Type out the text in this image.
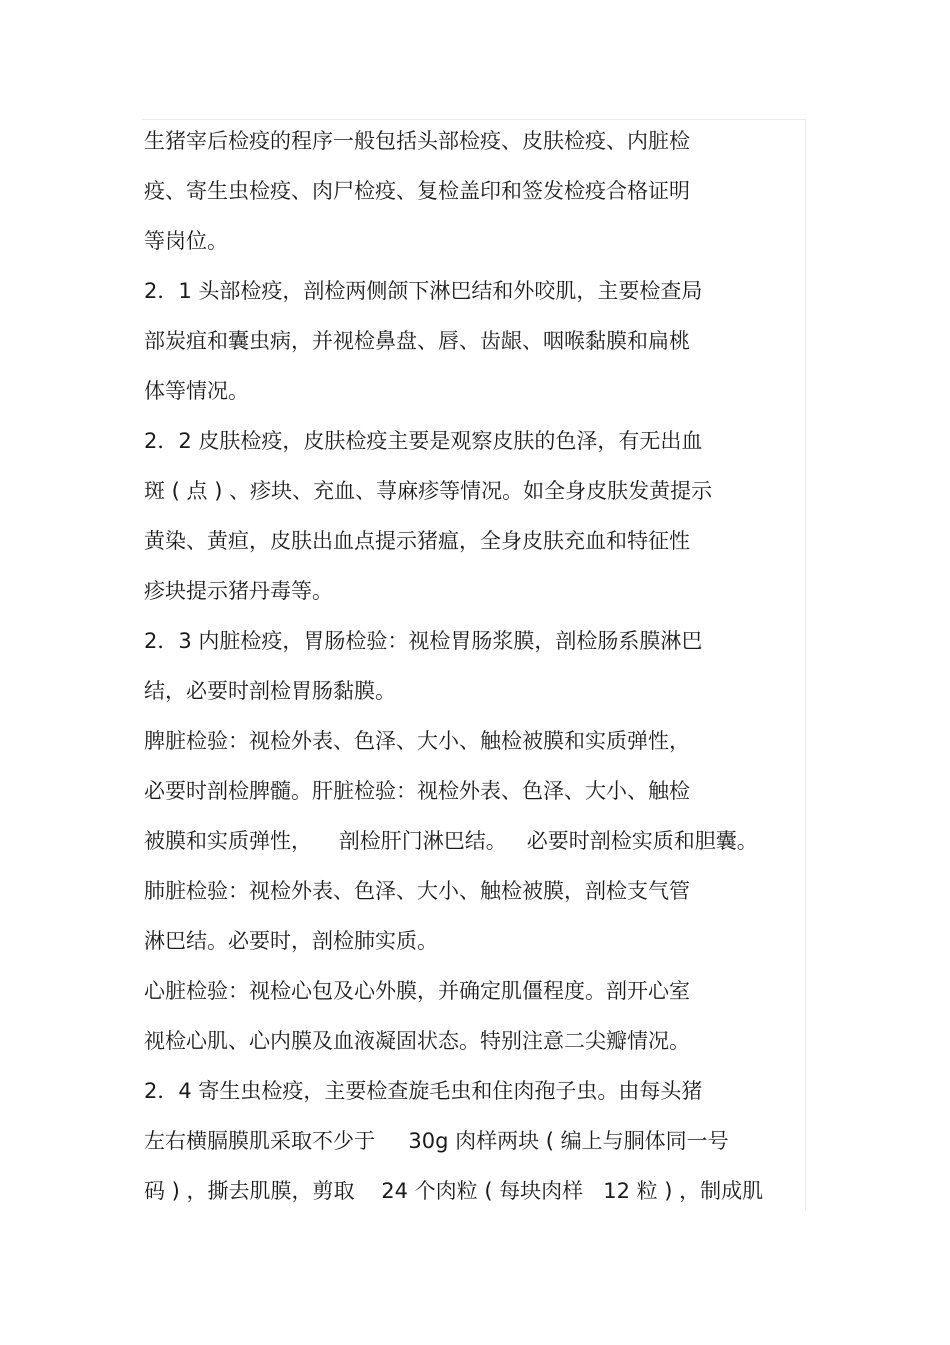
生猪宰后检疫的程序一般包括头部检疫、皮肤检疫、内脏检
疫、寄生虫检疫、肉尸检疫、复检盖印和签发检疫合格证明
等岗位。
2．1 头部检疫，剖检两侧颌下淋巴结和外咬肌，主要检查局
部炭疽和囊虫病，并视检鼻盘、唇、齿龈、咽喉黏膜和扁桃
体等情况。
2．2 皮肤检疫，皮肤检疫主要是观察皮肤的色泽，有无出血
斑 ( 点 ) 、疹块、充血、荨麻疹等情况。如全身皮肤发黄提示
黄染、黄疸，皮肤出血点提示猪瘟，全身皮肤充血和特征性
疹块提示猪丹毒等。
2．3 内脏检疫，胃肠检验：视检胃肠浆膜，剖检肠系膜淋巴
结，必要时剖检胃肠黏膜。
脾脏检验：视检外表、色泽、大小、触检被膜和实质弹性，
必要时剖检脾髓。肝脏检验：视检外表、色泽、大小、触检
被膜和实质弹性，    剖检肝门淋巴结。   必要时剖检实质和胆囊。
肺脏检验：视检外表、色泽、大小、触检被膜，剖检支气管
淋巴结。必要时，剖检肺实质。
心脏检验：视检心包及心外膜，并确定肌僵程度。剖开心室
视检心肌、心内膜及血液凝固状态。特别注意二尖瓣情况。
2．4 寄生虫检疫，主要检查旋毛虫和住肉孢子虫。由每头猪
左右横膈膜肌采取不少于     30g 肉样两块 ( 编上与胴体同一号
码 ) ，撕去肌膜，剪取    24 个肉粒 ( 每块肉样   12 粒 ) ，制成肌
